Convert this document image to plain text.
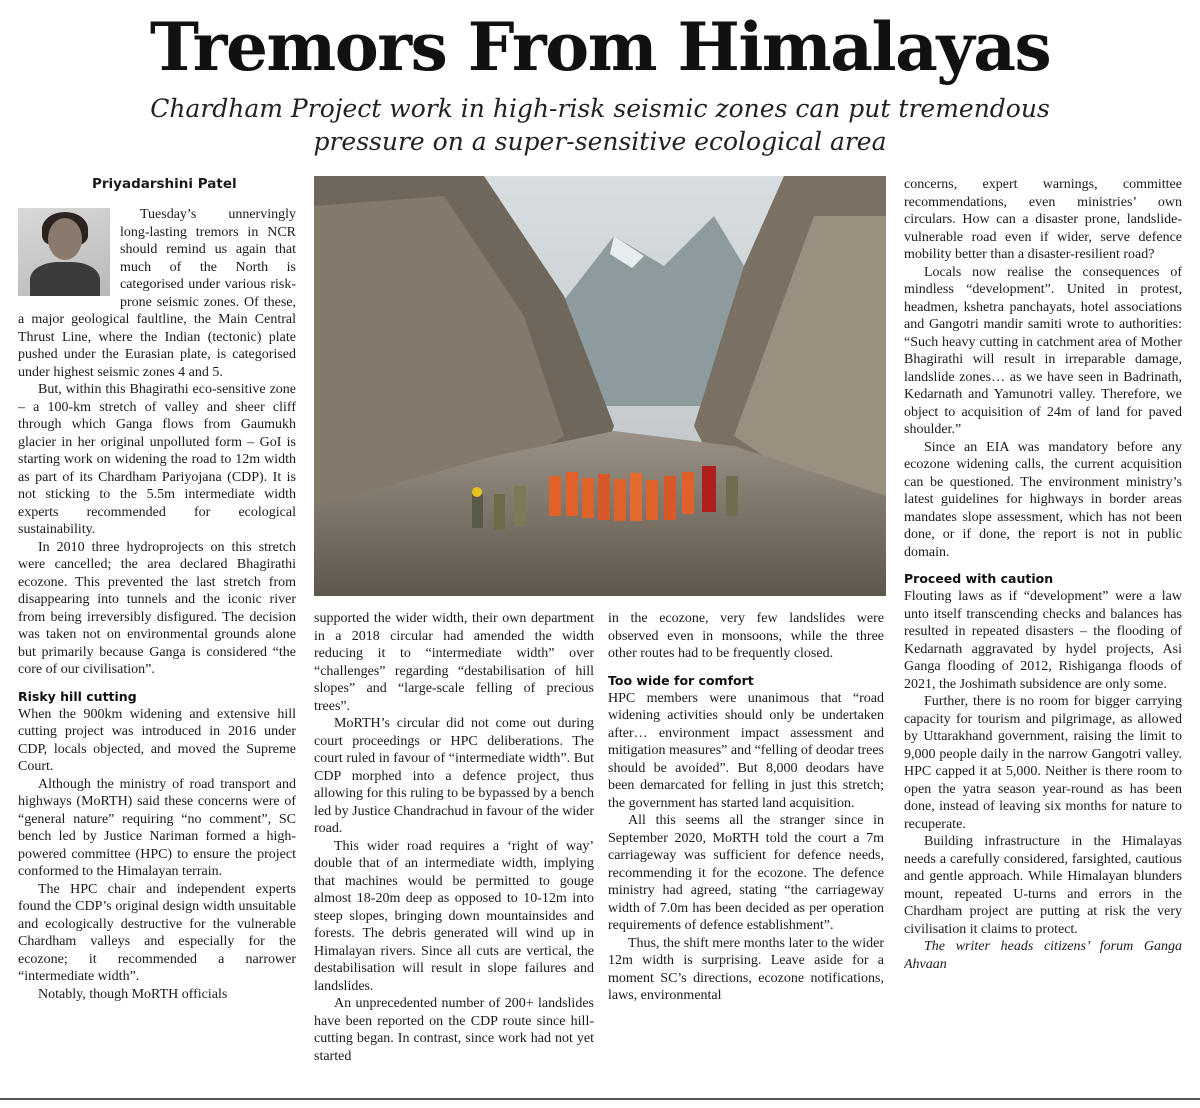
Tremors From Himalayas
Chardham Project work in high-risk seismic zones can put tremendous
pressure on a super-sensitive ecological area
Priyadarshini Patel

Tuesday’s unnervingly long-lasting tremors in NCR should remind us again that much of the North is categorised under various risk-prone seismic zones. Of these, a major geological faultline, the Main Central Thrust Line, where the Indian (tectonic) plate pushed under the Eurasian plate, is categorised under highest seismic zones 4 and 5.

But, within this Bhagirathi eco-sensitive zone – a 100-km stretch of valley and sheer cliff through which Ganga flows from Gaumukh glacier in her original unpolluted form – GoI is starting work on widening the road to 12m width as part of its Chardham Pariyojana (CDP). It is not sticking to the 5.5m intermediate width experts recommended for ecological sustainability.

In 2010 three hydroprojects on this stretch were cancelled; the area declared Bhagirathi ecozone. This prevented the last stretch from disappearing into tunnels and the iconic river from being irreversibly disfigured. The decision was taken not on environmental grounds alone but primarily because Ganga is considered “the core of our civilisation”.

Risky hill cutting

When the 900km widening and extensive hill cutting project was introduced in 2016 under CDP, locals objected, and moved the Supreme Court.

Although the ministry of road transport and highways (MoRTH) said these concerns were of “general nature” requiring “no comment”, SC bench led by Justice Nariman formed a high-powered committee (HPC) to ensure the project conformed to the Himalayan terrain.

The HPC chair and independent experts found the CDP’s original design width unsuitable and ecologically destructive for the vulnerable Chardham valleys and especially for the ecozone; it recommended a narrower “intermediate width”.

Notably, though MoRTH officials

supported the wider width, their own department in a 2018 circular had amended the width reducing it to “intermediate width” over “challenges” regarding “destabilisation of hill slopes” and “large-scale felling of precious trees”.

MoRTH’s circular did not come out during court proceedings or HPC deliberations. The court ruled in favour of “intermediate width”. But CDP morphed into a defence project, thus allowing for this ruling to be bypassed by a bench led by Justice Chandrachud in favour of the wider road.

This wider road requires a ‘right of way’ double that of an intermediate width, implying that machines would be permitted to gouge almost 18-20m deep as opposed to 10-12m into steep slopes, bringing down mountainsides and forests. The debris generated will wind up in Himalayan rivers. Since all cuts are vertical, the destabilisation will result in slope failures and landslides.

An unprecedented number of 200+ landslides have been reported on the CDP route since hill-cutting began. In contrast, since work had not yet started

in the ecozone, very few landslides were observed even in monsoons, while the three other routes had to be frequently closed.

Too wide for comfort

HPC members were unanimous that “road widening activities should only be undertaken after… environment impact assessment and mitigation measures” and “felling of deodar trees should be avoided”. But 8,000 deodars have been demarcated for felling in just this stretch; the government has started land acquisition.

All this seems all the stranger since in September 2020, MoRTH told the court a 7m carriageway was sufficient for defence needs, recommending it for the ecozone. The defence ministry had agreed, stating “the carriageway width of 7.0m has been decided as per operation requirements of defence establishment”.

Thus, the shift mere months later to the wider 12m width is surprising. Leave aside for a moment SC’s directions, ecozone notifications, laws, environmental

concerns, expert warnings, committee recommendations, even ministries’ own circulars. How can a disaster prone, landslide-vulnerable road even if wider, serve defence mobility better than a disaster-resilient road?

Locals now realise the consequences of mindless “development”. United in protest, headmen, kshetra panchayats, hotel associations and Gangotri mandir samiti wrote to authorities: “Such heavy cutting in catchment area of Mother Bhagirathi will result in irreparable damage, landslide zones… as we have seen in Badrinath, Kedarnath and Yamunotri valley. Therefore, we object to acquisition of 24m of land for paved shoulder.”

Since an EIA was mandatory before any ecozone widening calls, the current acquisition can be questioned. The environment ministry’s latest guidelines for highways in border areas mandates slope assessment, which has not been done, or if done, the report is not in public domain.

Proceed with caution

Flouting laws as if “development” were a law unto itself transcending checks and balances has resulted in repeated disasters – the flooding of Kedarnath aggravated by hydel projects, Asi Ganga flooding of 2012, Rishiganga floods of 2021, the Joshimath subsidence are only some.

Further, there is no room for bigger carrying capacity for tourism and pilgrimage, as allowed by Uttarakhand government, raising the limit to 9,000 people daily in the narrow Gangotri valley. HPC capped it at 5,000. Neither is there room to open the yatra season year-round as has been done, instead of leaving six months for nature to recuperate.

Building infrastructure in the Himalayas needs a carefully considered, farsighted, cautious and gentle approach. While Himalayan blunders mount, repeated U-turns and errors in the Chardham project are putting at risk the very civilisation it claims to protect.

The writer heads citizens’ forum Ganga Ahvaan
